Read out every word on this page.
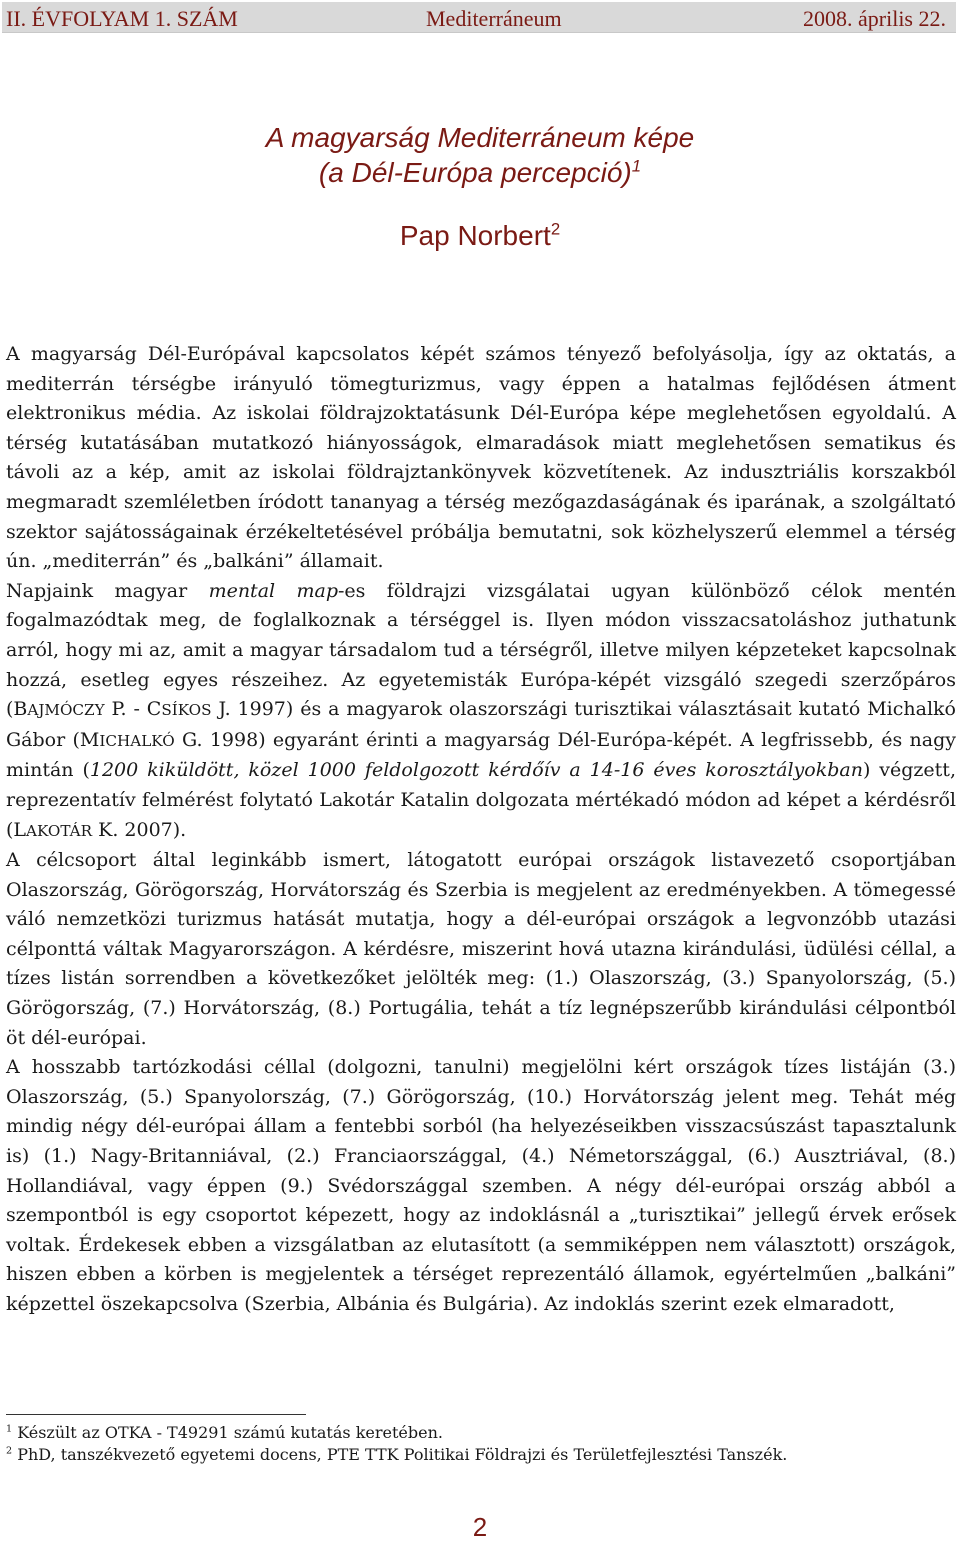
II. ÉVFOLYAM 1. SZÁM	Mediterráneum	2008. április 22.
A magyarság Mediterráneum képe
(a Dél-Európa percepció)$^1$
Pap Norbert$^2$

A magyarság Dél-Európával kapcsolatos képét számos tényező befolyásolja, így az oktatás, a mediterrán térségbe irányuló tömegturizmus, vagy éppen a hatalmas fejlődésen átment elektronikus média. Az iskolai földrajzoktatásunk Dél-Európa képe meglehetősen egyoldalú. A térség kutatásában mutatkozó hiányosságok, elmaradások miatt meglehetősen sematikus és távoli az a kép, amit az iskolai földrajztankönyvek közvetítenek. Az indusztriális korszakból megmaradt szemléletben íródott tananyag a térség mezőgazdaságának és iparának, a szolgáltató szektor sajátosságainak érzékeltetésével próbálja bemutatni, sok közhelyszerű elemmel a térség ún. „mediterrán” és „balkáni” államait.

Napjaink magyar mental map-es földrajzi vizsgálatai ugyan különböző célok mentén fogalmazódtak meg, de foglalkoznak a térséggel is. Ilyen módon visszacsatoláshoz juthatunk arról, hogy mi az, amit a magyar társadalom tud a térségről, illetve milyen képzeteket kapcsolnak hozzá, esetleg egyes részeihez. Az egyetemisták Európa-képét vizsgáló szegedi szerzőpáros (BAJMÓCZY P. - CSÍKOS J. 1997) és a magyarok olaszországi turisztikai választásait kutató Michalkó Gábor (MICHALKÓ G. 1998) egyaránt érinti a magyarság Dél-Európa-képét. A legfrissebb, és nagy mintán (1200 kiküldött, közel 1000 feldolgozott kérdőív a 14-16 éves korosztályokban) végzett, reprezentatív felmérést folytató Lakotár Katalin dolgozata mértékadó módon ad képet a kérdésről (LAKOTÁR K. 2007).

A célcsoport által leginkább ismert, látogatott európai országok listavezető csoportjában Olaszország, Görögország, Horvátország és Szerbia is megjelent az eredményekben. A tömegessé váló nemzetközi turizmus hatását mutatja, hogy a dél-európai országok a legvonzóbb utazási célponttá váltak Magyarországon. A kérdésre, miszerint hová utazna kirándulási, üdülési céllal, a tízes listán sorrendben a következőket jelölték meg: (1.) Olaszország, (3.) Spanyolország, (5.) Görögország, (7.) Horvátország, (8.) Portugália, tehát a tíz legnépszerűbb kirándulási célpontból öt dél-európai.

A hosszabb tartózkodási céllal (dolgozni, tanulni) megjelölni kért országok tízes listáján (3.) Olaszország, (5.) Spanyolország, (7.) Görögország, (10.) Horvátország jelent meg. Tehát még mindig négy dél-európai állam a fentebbi sorból (ha helyezéseikben visszacsúszást tapasztalunk is) (1.) Nagy-Britanniával, (2.) Franciaországgal, (4.) Németországgal, (6.) Ausztriával, (8.) Hollandiával, vagy éppen (9.) Svédországgal szemben. A négy dél-európai ország abból a szempontból is egy csoportot képezett, hogy az indoklásnál a „turisztikai” jellegű érvek erősek voltak. Érdekesek ebben a vizsgálatban az elutasított (a semmiképpen nem választott) országok, hiszen ebben a körben is megjelentek a térséget reprezentáló államok, egyértelműen „balkáni” képzettel öszekapcsolva (Szerbia, Albánia és Bulgária). Az indoklás szerint ezek elmaradott,

$^1$ Készült az OTKA - T49291 számú kutatás keretében.
$^2$ PhD, tanszékvezető egyetemi docens, PTE TTK Politikai Földrajzi és Területfejlesztési Tanszék.
2
